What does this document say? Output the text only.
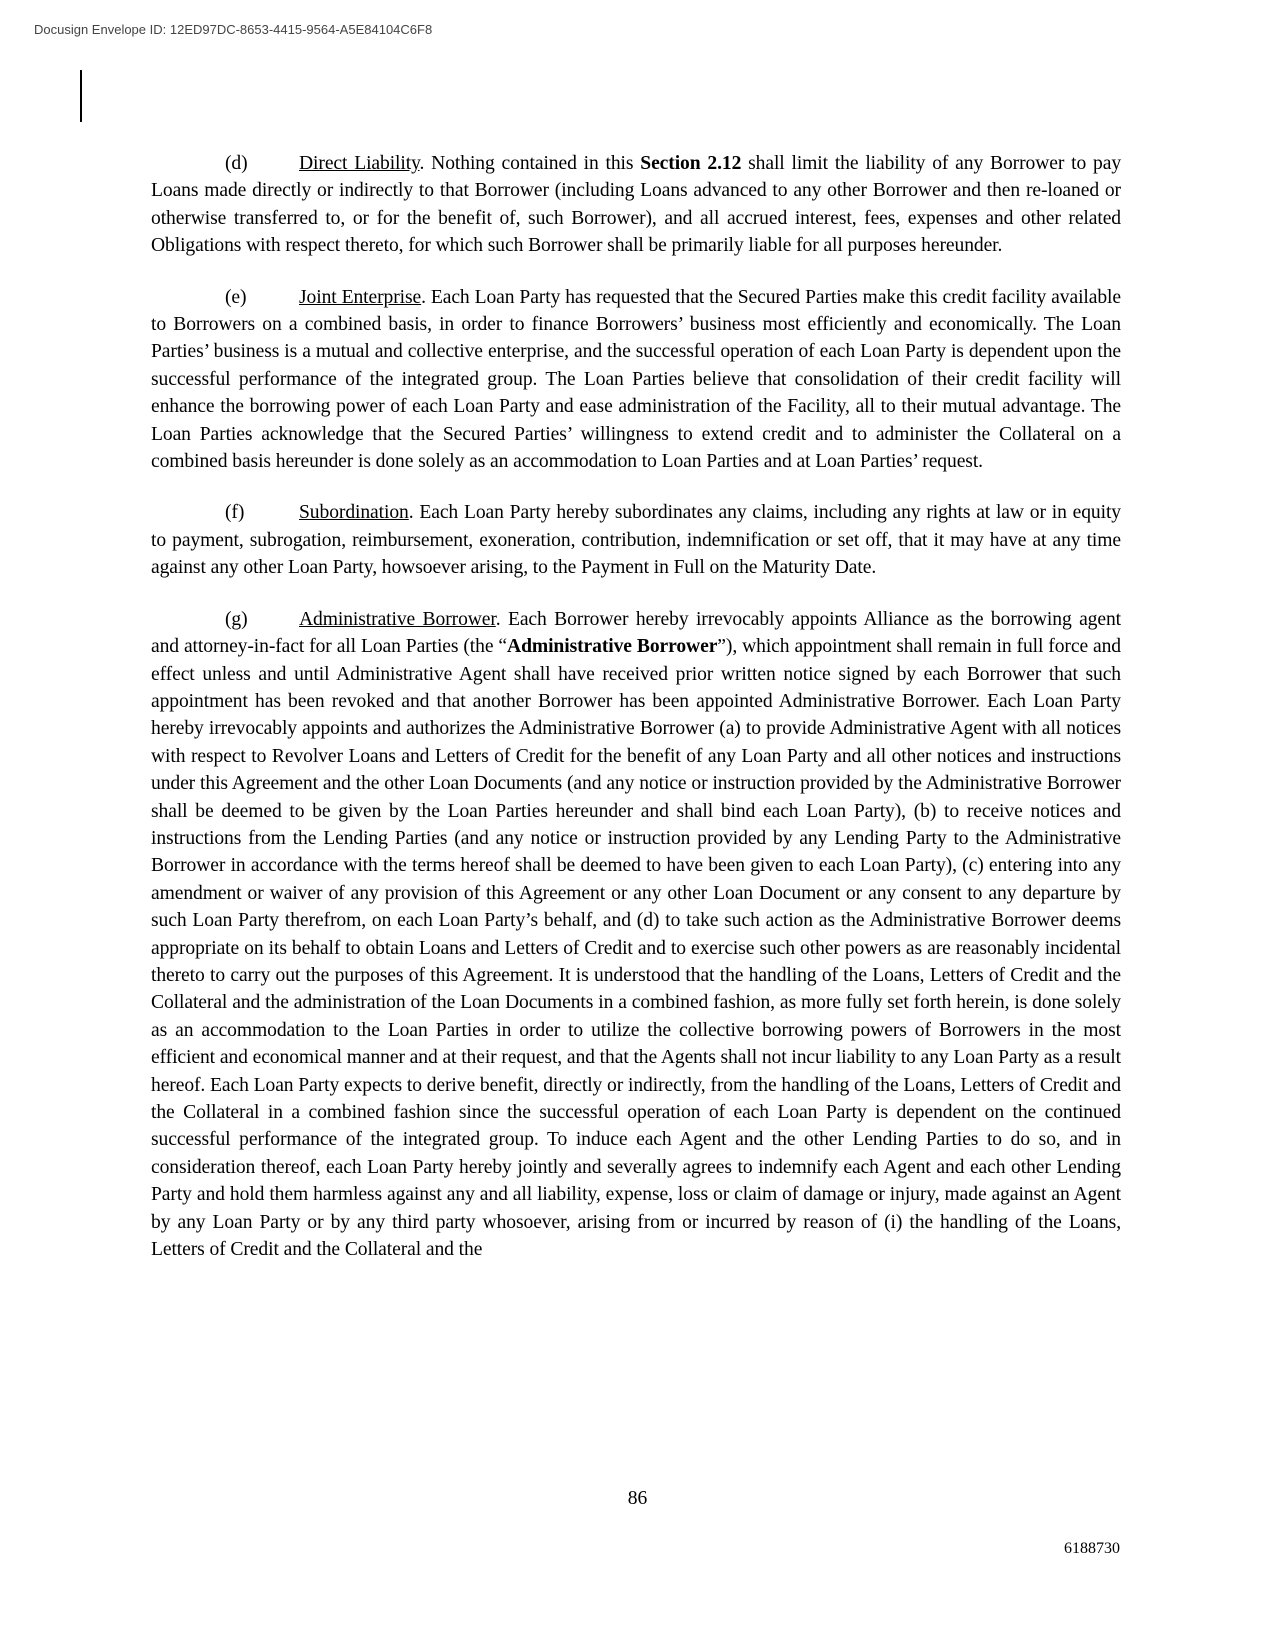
Docusign Envelope ID: 12ED97DC-8653-4415-9564-A5E84104C6F8

(d)	Direct Liability. Nothing contained in this Section 2.12 shall limit the liability of any Borrower to pay Loans made directly or indirectly to that Borrower (including Loans advanced to any other Borrower and then re-loaned or otherwise transferred to, or for the benefit of, such Borrower), and all accrued interest, fees, expenses and other related Obligations with respect thereto, for which such Borrower shall be primarily liable for all purposes hereunder.

(e)	Joint Enterprise. Each Loan Party has requested that the Secured Parties make this credit facility available to Borrowers on a combined basis, in order to finance Borrowers’ business most efficiently and economically. The Loan Parties’ business is a mutual and collective enterprise, and the successful operation of each Loan Party is dependent upon the successful performance of the integrated group. The Loan Parties believe that consolidation of their credit facility will enhance the borrowing power of each Loan Party and ease administration of the Facility, all to their mutual advantage. The Loan Parties acknowledge that the Secured Parties’ willingness to extend credit and to administer the Collateral on a combined basis hereunder is done solely as an accommodation to Loan Parties and at Loan Parties’ request.

(f)	Subordination. Each Loan Party hereby subordinates any claims, including any rights at law or in equity to payment, subrogation, reimbursement, exoneration, contribution, indemnification or set off, that it may have at any time against any other Loan Party, howsoever arising, to the Payment in Full on the Maturity Date.

(g)	Administrative Borrower. Each Borrower hereby irrevocably appoints Alliance as the borrowing agent and attorney-in-fact for all Loan Parties (the “Administrative Borrower”), which appointment shall remain in full force and effect unless and until Administrative Agent shall have received prior written notice signed by each Borrower that such appointment has been revoked and that another Borrower has been appointed Administrative Borrower. Each Loan Party hereby irrevocably appoints and authorizes the Administrative Borrower (a) to provide Administrative Agent with all notices with respect to Revolver Loans and Letters of Credit for the benefit of any Loan Party and all other notices and instructions under this Agreement and the other Loan Documents (and any notice or instruction provided by the Administrative Borrower shall be deemed to be given by the Loan Parties hereunder and shall bind each Loan Party), (b) to receive notices and instructions from the Lending Parties (and any notice or instruction provided by any Lending Party to the Administrative Borrower in accordance with the terms hereof shall be deemed to have been given to each Loan Party), (c) entering into any amendment or waiver of any provision of this Agreement or any other Loan Document or any consent to any departure by such Loan Party therefrom, on each Loan Party’s behalf, and (d) to take such action as the Administrative Borrower deems appropriate on its behalf to obtain Loans and Letters of Credit and to exercise such other powers as are reasonably incidental thereto to carry out the purposes of this Agreement. It is understood that the handling of the Loans, Letters of Credit and the Collateral and the administration of the Loan Documents in a combined fashion, as more fully set forth herein, is done solely as an accommodation to the Loan Parties in order to utilize the collective borrowing powers of Borrowers in the most efficient and economical manner and at their request, and that the Agents shall not incur liability to any Loan Party as a result hereof. Each Loan Party expects to derive benefit, directly or indirectly, from the handling of the Loans, Letters of Credit and the Collateral in a combined fashion since the successful operation of each Loan Party is dependent on the continued successful performance of the integrated group. To induce each Agent and the other Lending Parties to do so, and in consideration thereof, each Loan Party hereby jointly and severally agrees to indemnify each Agent and each other Lending Party and hold them harmless against any and all liability, expense, loss or claim of damage or injury, made against an Agent by any Loan Party or by any third party whosoever, arising from or incurred by reason of (i) the handling of the Loans, Letters of Credit and the Collateral and the

86
6188730
